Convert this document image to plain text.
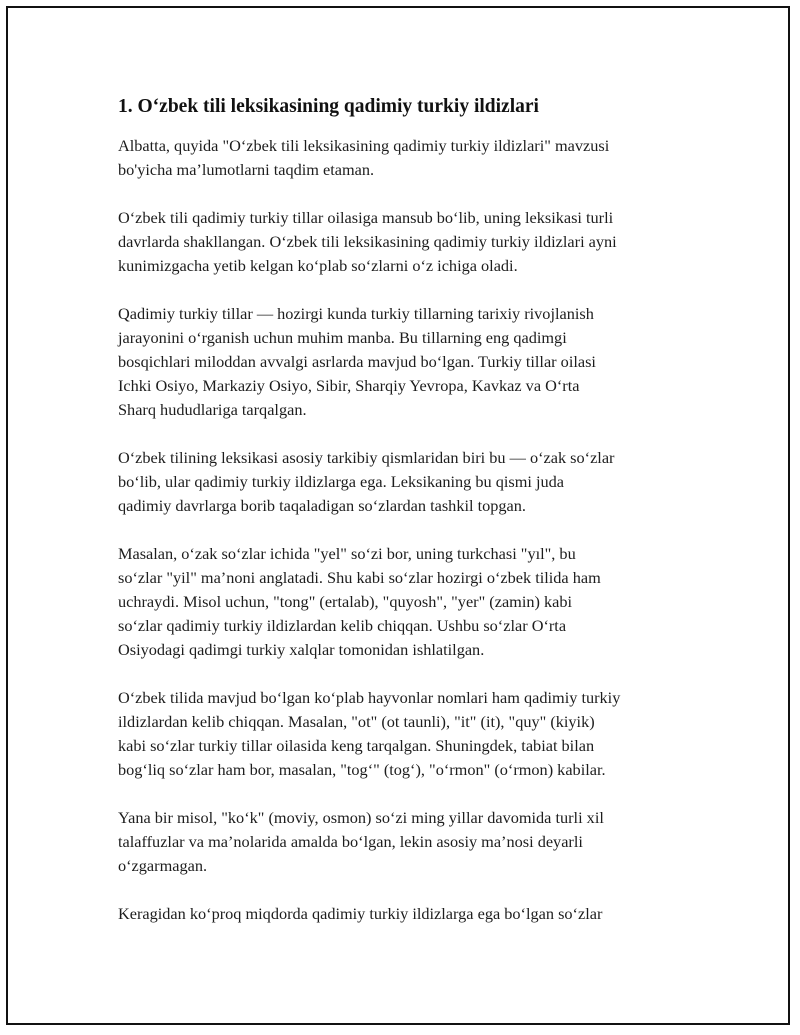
1. Oʻzbek tili leksikasining qadimiy turkiy ildizlari

Albatta, quyida "Oʻzbek tili leksikasining qadimiy turkiy ildizlari" mavzusi
bo'yicha maʼlumotlarni taqdim etaman.

Oʻzbek tili qadimiy turkiy tillar oilasiga mansub boʻlib, uning leksikasi turli
davrlarda shakllangan. Oʻzbek tili leksikasining qadimiy turkiy ildizlari ayni
kunimizgacha yetib kelgan koʻplab soʻzlarni oʻz ichiga oladi.

Qadimiy turkiy tillar — hozirgi kunda turkiy tillarning tarixiy rivojlanish
jarayonini oʻrganish uchun muhim manba. Bu tillarning eng qadimgi
bosqichlari miloddan avvalgi asrlarda mavjud boʻlgan. Turkiy tillar oilasi
Ichki Osiyo, Markaziy Osiyo, Sibir, Sharqiy Yevropa, Kavkaz va Oʻrta
Sharq hududlariga tarqalgan.

Oʻzbek tilining leksikasi asosiy tarkibiy qismlaridan biri bu — oʻzak soʻzlar
boʻlib, ular qadimiy turkiy ildizlarga ega. Leksikaning bu qismi juda
qadimiy davrlarga borib taqaladigan soʻzlardan tashkil topgan.

Masalan, oʻzak soʻzlar ichida "yel" soʻzi bor, uning turkchasi "yıl", bu
soʻzlar "yil" maʼnoni anglatadi. Shu kabi soʻzlar hozirgi oʻzbek tilida ham
uchraydi. Misol uchun, "tong" (ertalab), "quyosh", "yer" (zamin) kabi
soʻzlar qadimiy turkiy ildizlardan kelib chiqqan. Ushbu soʻzlar Oʻrta
Osiyodagi qadimgi turkiy xalqlar tomonidan ishlatilgan.

Oʻzbek tilida mavjud boʻlgan koʻplab hayvonlar nomlari ham qadimiy turkiy
ildizlardan kelib chiqqan. Masalan, "ot" (ot taunli), "it" (it), "quy" (kiyik)
kabi soʻzlar turkiy tillar oilasida keng tarqalgan. Shuningdek, tabiat bilan
bogʻliq soʻzlar ham bor, masalan, "togʻ" (togʻ), "oʻrmon" (oʻrmon) kabilar.

Yana bir misol, "koʻk" (moviy, osmon) soʻzi ming yillar davomida turli xil
talaffuzlar va maʼnolarida amalda boʻlgan, lekin asosiy maʼnosi deyarli
oʻzgarmagan.

Keragidan koʻproq miqdorda qadimiy turkiy ildizlarga ega boʻlgan soʻzlar
